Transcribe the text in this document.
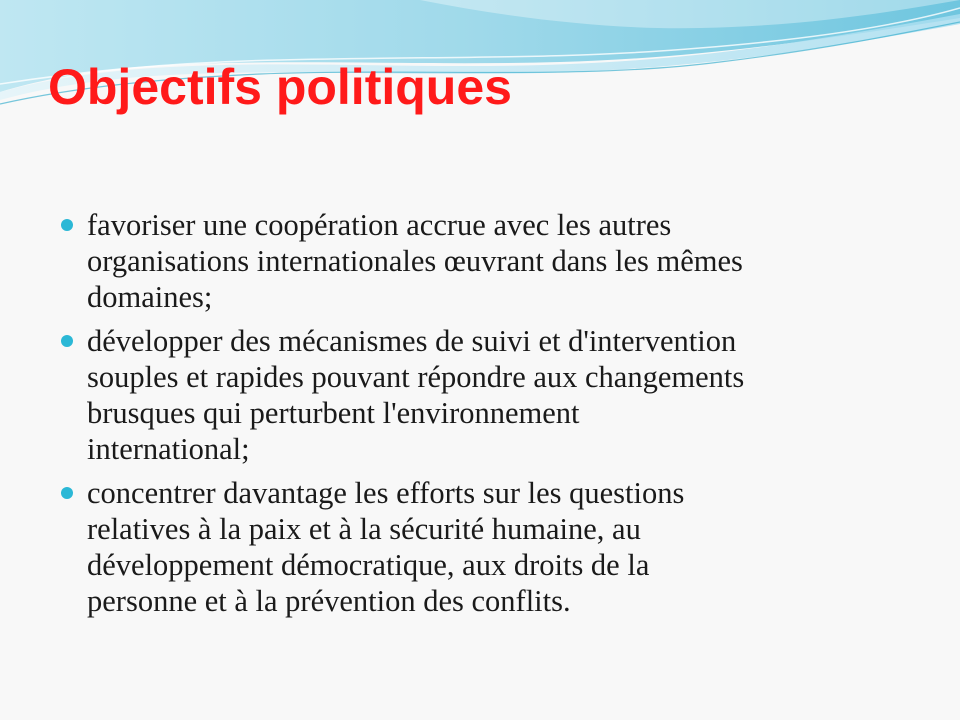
Objectifs politiques
favoriser une coopération accrue avec les autres
organisations internationales œuvrant dans les mêmes
domaines;
développer des mécanismes de suivi et d'intervention
souples et rapides pouvant répondre aux changements
brusques qui perturbent l'environnement
international;
concentrer davantage les efforts sur les questions
relatives à la paix et à la sécurité humaine, au
développement démocratique, aux droits de la
personne et à la prévention des conflits.
